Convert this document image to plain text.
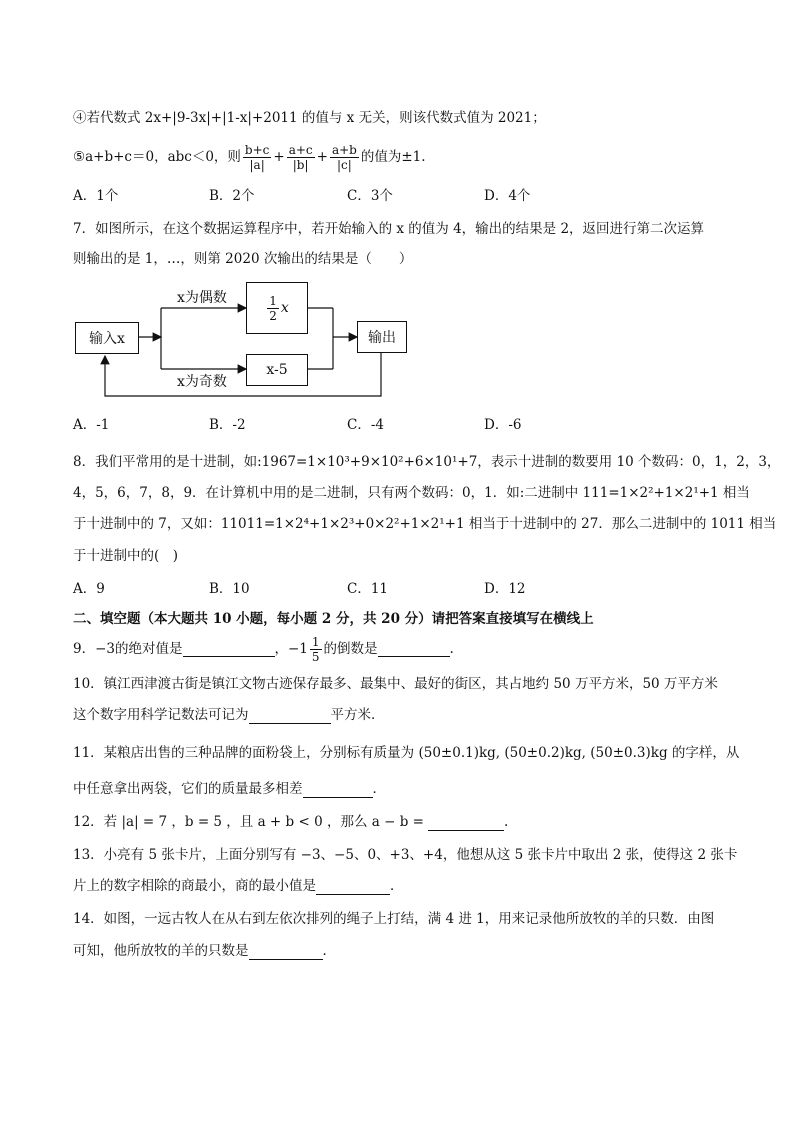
④若代数式 2x+|9-3x|+|1-x|+2011 的值与 x 无关，则该代数式值为 2021；
⑤a+b+c＝0，abc＜0，则 $\frac{b+c}{|a|} + \frac{a+c}{|b|} + \frac{a+b}{|c|}$ 的值为±1.
A．1个	B．2个	C．3个	D．4个
7．如图所示，在这个数据运算程序中，若开始输入的 x 的值为 4，输出的结果是 2，返回进行第二次运算
则输出的是 1，…，则第 2020 次输出的结果是（　　）
输入x
x为偶数
x为奇数
$\frac{1}{2}$ x
x-5
输出
A．-1	B．-2	C．-4	D．-6
8．我们平常用的是十进制，如:1967=1×10³+9×10²+6×10¹+7，表示十进制的数要用 10 个数码：0，1，2，3，
4，5，6，7，8，9．在计算机中用的是二进制，只有两个数码：0，1．如:二进制中 111=1×2²+1×2¹+1 相当
于十进制中的 7，又如：11011=1×2⁴+1×2³+0×2²+1×2¹+1 相当于十进制中的 27．那么二进制中的 1011 相当
于十进制中的(　)
A．9	B．10	C．11	D．12
二、填空题（本大题共 10 小题，每小题 2 分，共 20 分）请把答案直接填写在横线上
9．−3的绝对值是	， $-1 \frac{1}{5}$ 的倒数是	.
10．镇江西津渡古街是镇江文物古迹保存最多、最集中、最好的街区，其占地约 50 万平方米，50 万平方米
这个数字用科学记数法可记为	平方米．
11．某粮店出售的三种品牌的面粉袋上，分别标有质量为 (50±0.1)kg, (50±0.2)kg, (50±0.3)kg 的字样，从
中任意拿出两袋，它们的质量最多相差	．
12．若 |a| = 7 ，b = 5 ，且 a + b < 0 ，那么 a − b =	.
13．小亮有 5 张卡片，上面分别写有 −3、−5、0、+3、+4，他想从这 5 张卡片中取出 2 张，使得这 2 张卡
片上的数字相除的商最小，商的最小值是	．
14．如图，一远古牧人在从右到左依次排列的绳子上打结，满 4 进 1，用来记录他所放牧的羊的只数．由图
可知，他所放牧的羊的只数是	．
